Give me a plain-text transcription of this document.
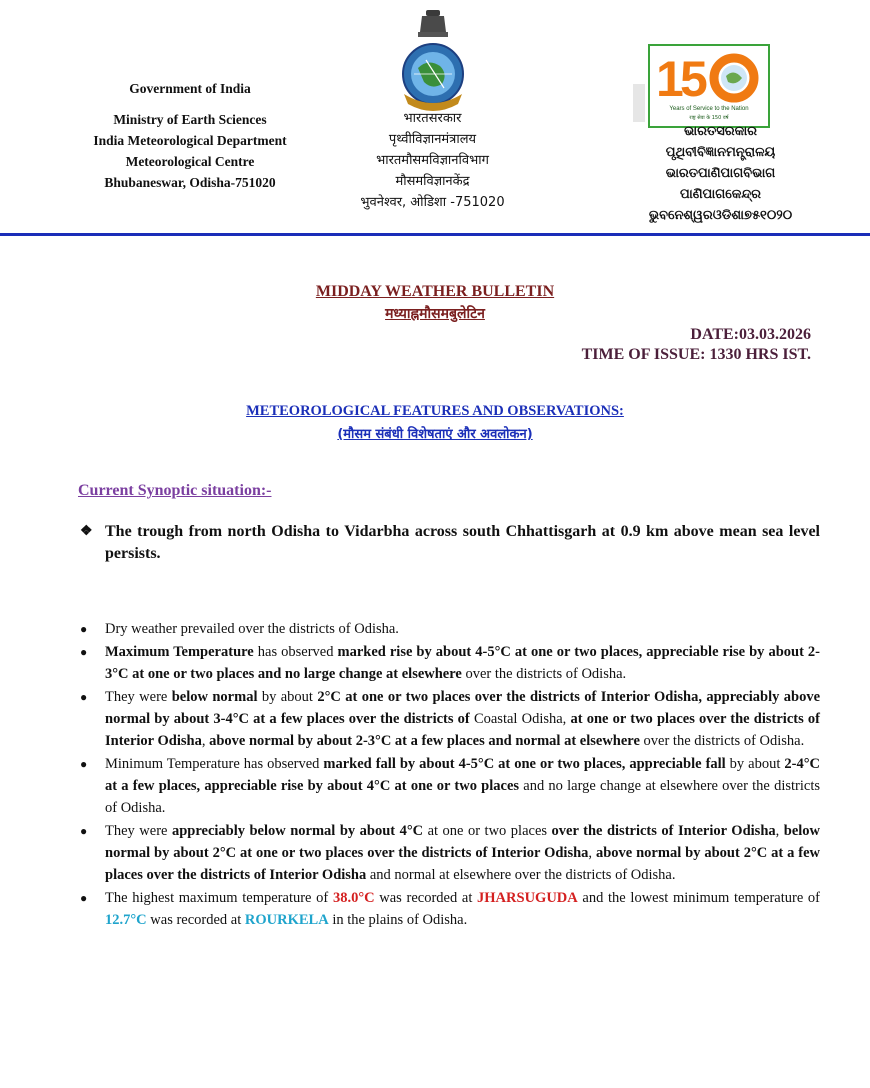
Government of India
Ministry of Earth Sciences
India Meteorological Department
Meteorological Centre
Bhubaneswar, Odisha-751020
भारतसरकार
पृथ्वीविज्ञानमंत्रालय
भारतमौसमविज्ञानविभाग
मौसमविज्ञानकेंद्र
भुवनेश्वर, ओडिशा -751020
1
5
Years of Service to the Nation
राष्ट्र सेवा के 150 वर्ष
ଭାରତସରକାର
ପୃଥିବୀବିଜ୍ଞାନମନ୍ତ୍ରାଳୟ
ଭାରତପାଣିପାଗବିଭାଗ
ପାଣିପାଗକେନ୍ଦ୍ର
ଭୁବନେଶ୍ୱରଓଡିଶା୭୫୧୦୨୦
MIDDAY WEATHER BULLETIN
मध्याह्नमौसमबुलेटिन
DATE:03.03.2026
TIME OF ISSUE: 1330 HRS IST.
METEOROLOGICAL FEATURES AND OBSERVATIONS:
(मौसम संबंधी विशेषताएं और अवलोकन)
Current Synoptic situation:-
❖ The trough from north Odisha to Vidarbha across south Chhattisgarh at 0.9 km above mean sea level persists.
● Dry weather prevailed over the districts of Odisha.
● Maximum Temperature has observed marked rise by about 4-5°C at one or two places, appreciable rise by about 2-3°C at one or two places and no large change at elsewhere over the districts of Odisha.
● They were below normal by about 2°C at one or two places over the districts of Interior Odisha, appreciably above normal by about 3-4°C at a few places over the districts of Coastal Odisha, at one or two places over the districts of Interior Odisha, above normal by about 2-3°C at a few places and normal at elsewhere over the districts of Odisha.
● Minimum Temperature has observed marked fall by about 4-5°C at one or two places, appreciable fall by about 2-4°C at a few places, appreciable rise by about 4°C at one or two places and no large change at elsewhere over the districts of Odisha.
● They were appreciably below normal by about 4°C at one or two places over the districts of Interior Odisha, below normal by about 2°C at one or two places over the districts of Interior Odisha, above normal by about 2°C at a few places over the districts of Interior Odisha and normal at elsewhere over the districts of Odisha.
● The highest maximum temperature of 38.0°C was recorded at JHARSUGUDA and the lowest minimum temperature of 12.7°C was recorded at ROURKELA in the plains of Odisha.
